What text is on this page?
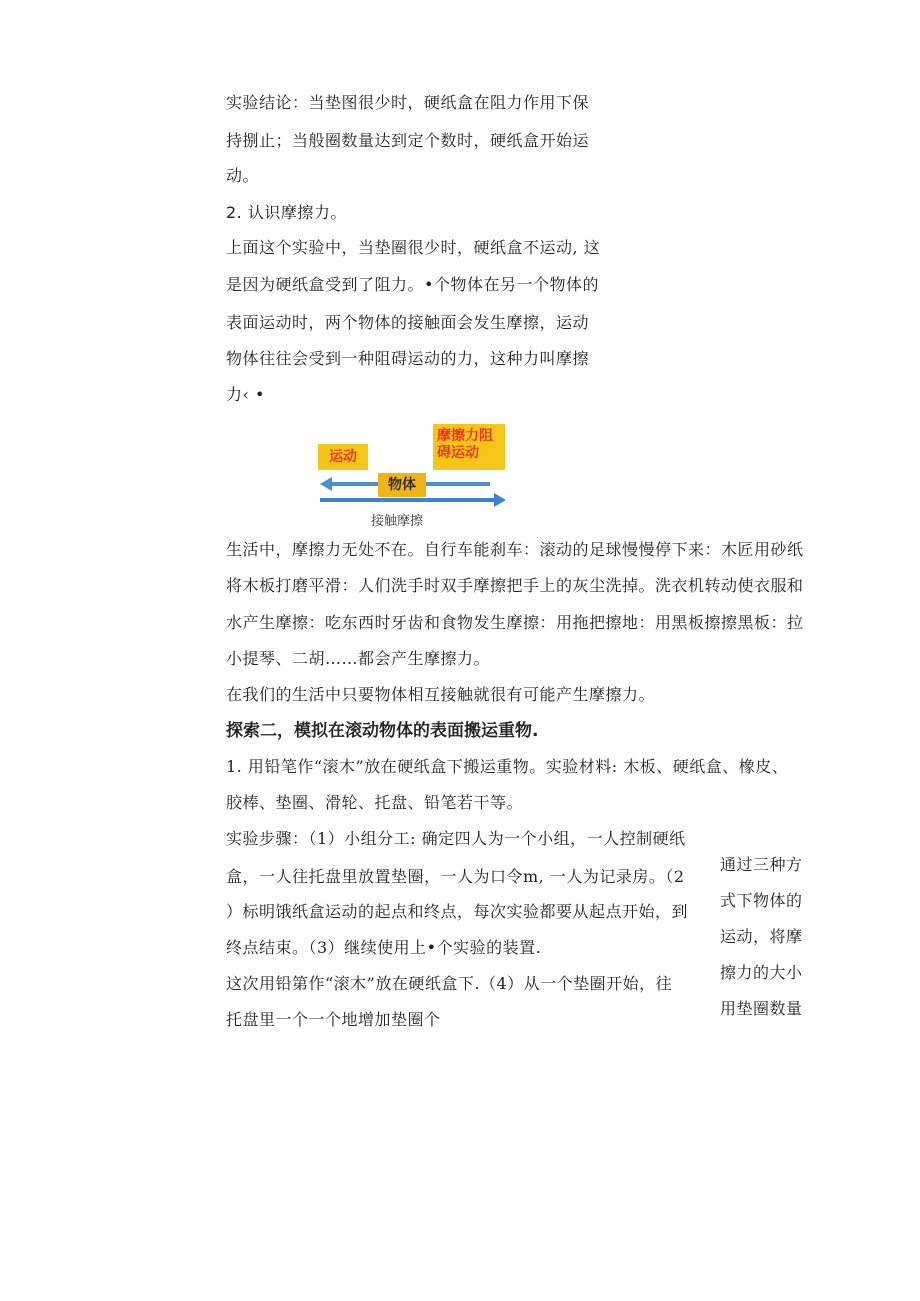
实验结论：当垫图很少时，硬纸盒在阻力作用下保
持捌止；当般圈数量达到定个数时，硬纸盒开始运
动。
2. 认识摩擦力。
上面这个实验中，当垫圈很少时，硬纸盒不运动, 这
是因为硬纸盒受到了阻力。•个物体在另一个物体的
表面运动时，两个物体的接触面会发生摩擦，运动
物体往往会受到一种阻碍运动的力，这种力叫摩擦
力‹ •
运动
摩擦力阻碍运动
物体
接触摩擦
生活中，摩擦力无处不在。自行车能刹车：滚动的足球慢慢停下来：木匠用砂纸
将木板打磨平滑：人们洗手时双手摩擦把手上的灰尘洗掉。洗衣机转动使衣服和
水产生摩擦：吃东西时牙齿和食物发生摩擦：用拖把擦地：用黑板擦擦黑板：拉
小提琴、二胡……都会产生摩擦力。
在我们的生活中只要物体相互接触就很有可能产生摩擦力。
探索二，模拟在滚动物体的表面搬运重物.
1. 用铅笔作“滚木”放在硬纸盒下搬运重物。实验材料: 木板、硬纸盒、橡皮、
胶棒、垫圈、滑轮、托盘、铅笔若干等。
实验步骤：（1）小组分工: 确定四人为一个小组，一人控制硬纸
盒，一人往托盘里放置垫圈，一人为口令m, 一人为记录房。（2
）标明饿纸盒运动的起点和终点，每次实验都要从起点开始，到
终点结束。（3）继续使用上•个实验的装置.
这次用铅第作“滚木”放在硬纸盒下.（4）从一个垫圈开始，往
托盘里一个一个地增加垫圈个
通过三种方
式下物体的
运动，将摩
擦力的大小
用垫圈数量
